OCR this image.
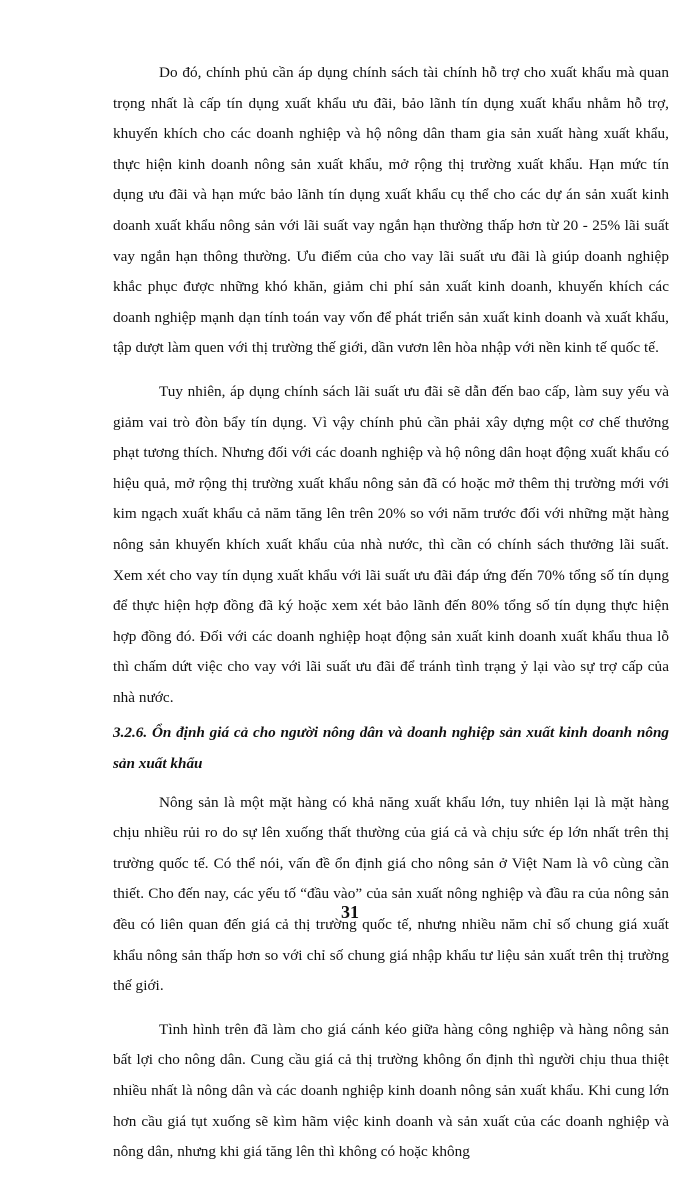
Do đó, chính phủ cần áp dụng chính sách tài chính hỗ trợ cho xuất khẩu mà quan trọng nhất là cấp tín dụng xuất khẩu ưu đãi, bảo lãnh tín dụng xuất khẩu nhằm hỗ trợ, khuyến khích cho các doanh nghiệp và hộ nông dân tham gia sản xuất hàng xuất khẩu, thực hiện kinh doanh nông sản xuất khẩu, mở rộng thị trường xuất khẩu. Hạn mức tín dụng ưu đãi và hạn mức bảo lãnh tín dụng xuất khẩu cụ thể cho các dự án sản xuất kinh doanh xuất khẩu nông sản với lãi suất vay ngắn hạn thường thấp hơn từ 20 - 25% lãi suất vay ngắn hạn thông thường. Ưu điểm của cho vay lãi suất ưu đãi là giúp doanh nghiệp khắc phục được những khó khăn, giảm chi phí sản xuất kinh doanh, khuyến khích các doanh nghiệp mạnh dạn tính toán vay vốn để phát triển sản xuất kinh doanh và xuất khẩu, tập dượt làm quen với thị trường thế giới, dần vươn lên hòa nhập với nền kinh tế quốc tế.

Tuy nhiên, áp dụng chính sách lãi suất ưu đãi sẽ dẫn đến bao cấp, làm suy yếu và giảm vai trò đòn bẩy tín dụng. Vì vậy chính phủ cần phải xây dựng một cơ chế thưởng phạt tương thích. Nhưng đối với các doanh nghiệp và hộ nông dân hoạt động xuất khẩu có hiệu quả, mở rộng thị trường xuất khẩu nông sản đã có hoặc mở thêm thị trường mới với kim ngạch xuất khẩu cả năm tăng lên trên 20% so với năm trước đối với những mặt hàng nông sản khuyến khích xuất khẩu của nhà nước, thì cần có chính sách thưởng lãi suất. Xem xét cho vay tín dụng xuất khẩu với lãi suất ưu đãi đáp ứng đến 70% tổng số tín dụng để thực hiện hợp đồng đã ký hoặc xem xét bảo lãnh đến 80% tổng số tín dụng thực hiện hợp đồng đó. Đối với các doanh nghiệp hoạt động sản xuất kinh doanh xuất khẩu thua lỗ thì chấm dứt việc cho vay với lãi suất ưu đãi để tránh tình trạng ỷ lại vào sự trợ cấp của nhà nước.

3.2.6. Ổn định giá cả cho người nông dân và doanh nghiệp sản xuất kinh doanh nông sản xuất khẩu

Nông sản là một mặt hàng có khả năng xuất khẩu lớn, tuy nhiên lại là mặt hàng chịu nhiều rủi ro do sự lên xuống thất thường của giá cả và chịu sức ép lớn nhất trên thị trường quốc tế. Có thể nói, vấn đề ổn định giá cho nông sản ở Việt Nam là vô cùng cần thiết. Cho đến nay, các yếu tố “đầu vào” của sản xuất nông nghiệp và đầu ra của nông sản đều có liên quan đến giá cả thị trường quốc tế, nhưng nhiều năm chỉ số chung giá xuất khẩu nông sản thấp hơn so với chỉ số chung giá nhập khẩu tư liệu sản xuất trên thị trường thế giới.

Tình hình trên đã làm cho giá cánh kéo giữa hàng công nghiệp và hàng nông sản bất lợi cho nông dân. Cung cầu giá cả thị trường không ổn định thì người chịu thua thiệt nhiều nhất là nông dân và các doanh nghiệp kinh doanh nông sản xuất khẩu. Khi cung lớn hơn cầu giá tụt xuống sẽ kìm hãm việc kinh doanh và sản xuất của các doanh nghiệp và nông dân, nhưng khi giá tăng lên thì không có hoặc không

31
